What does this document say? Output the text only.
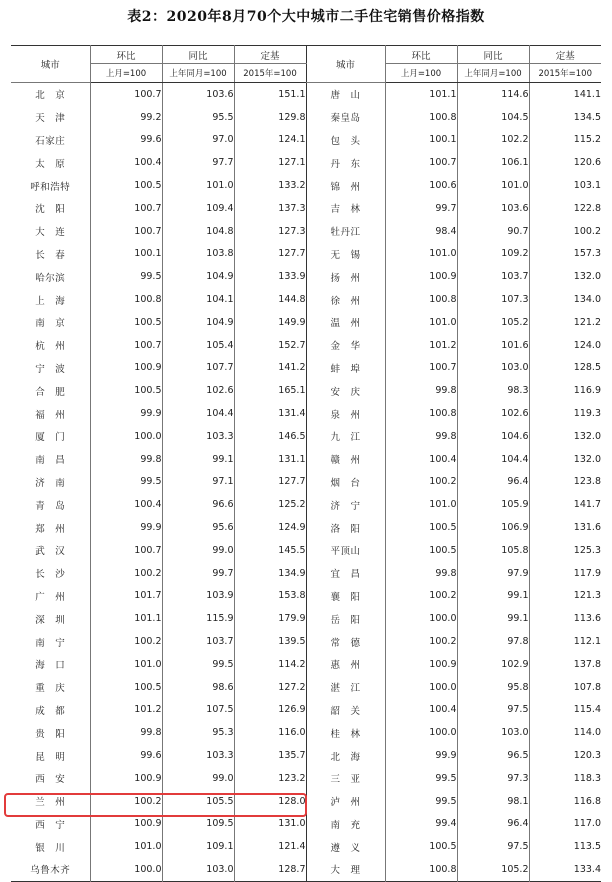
表2：2020年8月70个大中城市二手住宅销售价格指数
城市	环比	同比	定基	城市	环比	同比	定基
	上月=100	上年同月=100	2015年=100		上月=100	上年同月=100	2015年=100
北　京	100.7	103.6	151.1	唐　山	101.1	114.6	141.1
天　津	99.2	95.5	129.8	秦皇岛	100.8	104.5	134.5
石家庄	99.6	97.0	124.1	包　头	100.1	102.2	115.2
太　原	100.4	97.7	127.1	丹　东	100.7	106.1	120.6
呼和浩特	100.5	101.0	133.2	锦　州	100.6	101.0	103.1
沈　阳	100.7	109.4	137.3	吉　林	99.7	103.6	122.8
大　连	100.7	104.8	127.3	牡丹江	98.4	90.7	100.2
长　春	100.1	103.8	127.7	无　锡	101.0	109.2	157.3
哈尔滨	99.5	104.9	133.9	扬　州	100.9	103.7	132.0
上　海	100.8	104.1	144.8	徐　州	100.8	107.3	134.0
南　京	100.5	104.9	149.9	温　州	101.0	105.2	121.2
杭　州	100.7	105.4	152.7	金　华	101.2	101.6	124.0
宁　波	100.9	107.7	141.2	蚌　埠	100.7	103.0	128.5
合　肥	100.5	102.6	165.1	安　庆	99.8	98.3	116.9
福　州	99.9	104.4	131.4	泉　州	100.8	102.6	119.3
厦　门	100.0	103.3	146.5	九　江	99.8	104.6	132.0
南　昌	99.8	99.1	131.1	赣　州	100.4	104.4	132.0
济　南	99.5	97.1	127.7	烟　台	100.2	96.4	123.8
青　岛	100.4	96.6	125.2	济　宁	101.0	105.9	141.7
郑　州	99.9	95.6	124.9	洛　阳	100.5	106.9	131.6
武　汉	100.7	99.0	145.5	平顶山	100.5	105.8	125.3
长　沙	100.2	99.7	134.9	宜　昌	99.8	97.9	117.9
广　州	101.7	103.9	153.8	襄　阳	100.2	99.1	121.3
深　圳	101.1	115.9	179.9	岳　阳	100.0	99.1	113.6
南　宁	100.2	103.7	139.5	常　德	100.2	97.8	112.1
海　口	101.0	99.5	114.2	惠　州	100.9	102.9	137.8
重　庆	100.5	98.6	127.2	湛　江	100.0	95.8	107.8
成　都	101.2	107.5	126.9	韶　关	100.4	97.5	115.4
贵　阳	99.8	95.3	116.0	桂　林	100.0	103.0	114.0
昆　明	99.6	103.3	135.7	北　海	99.9	96.5	120.3
西　安	100.9	99.0	123.2	三　亚	99.5	97.3	118.3
兰　州	100.2	105.5	128.0	泸　州	99.5	98.1	116.8
西　宁	100.9	109.5	131.0	南　充	99.4	96.4	117.0
银　川	101.0	109.1	121.4	遵　义	100.5	97.5	113.5
乌鲁木齐	100.0	103.0	128.7	大　理	100.8	105.2	133.4
